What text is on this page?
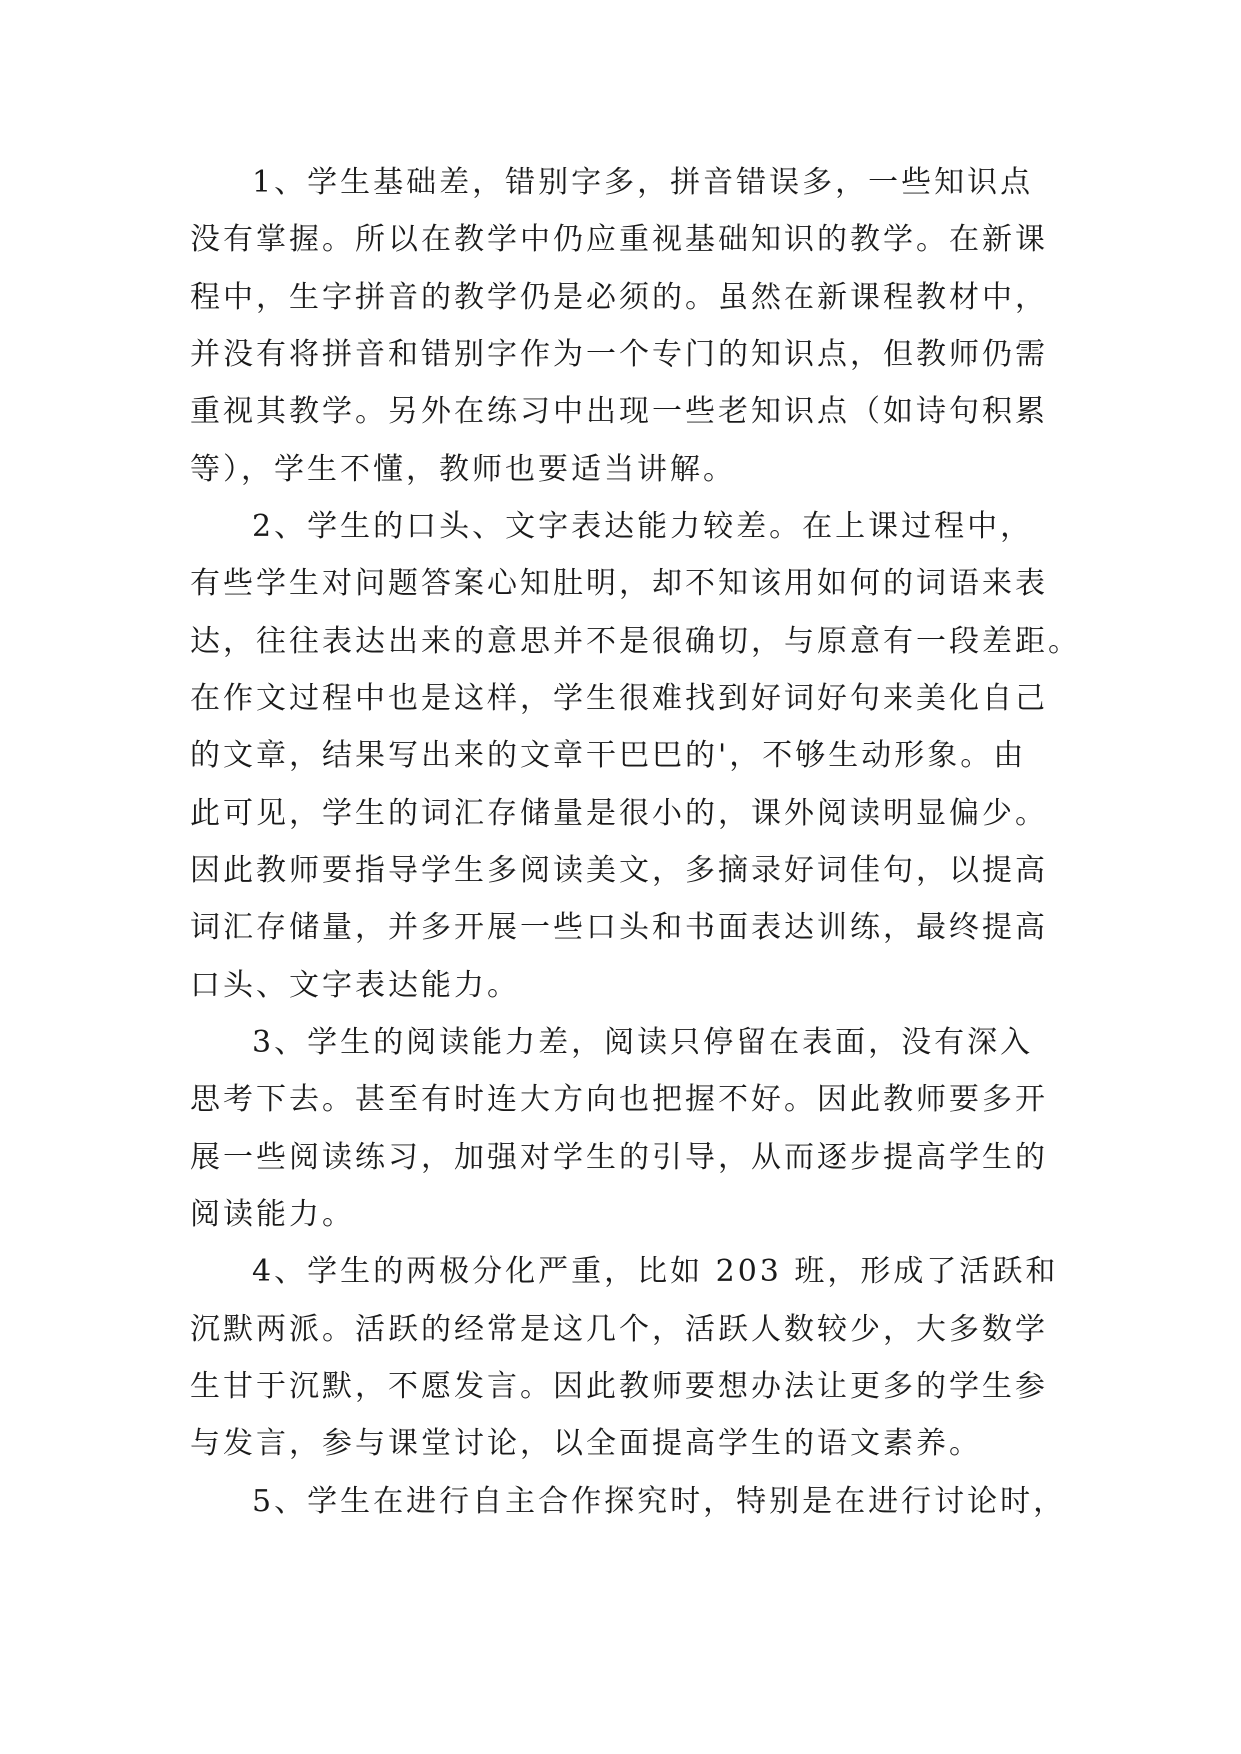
1、学生基础差，错别字多，拼音错误多，一些知识点
没有掌握。所以在教学中仍应重视基础知识的教学。在新课
程中，生字拼音的教学仍是必须的。虽然在新课程教材中，
并没有将拼音和错别字作为一个专门的知识点，但教师仍需
重视其教学。另外在练习中出现一些老知识点（如诗句积累
等），学生不懂，教师也要适当讲解。
2、学生的口头、文字表达能力较差。在上课过程中，
有些学生对问题答案心知肚明，却不知该用如何的词语来表
达，往往表达出来的意思并不是很确切，与原意有一段差距。
在作文过程中也是这样，学生很难找到好词好句来美化自己
的文章，结果写出来的文章干巴巴的'，不够生动形象。由
此可见，学生的词汇存储量是很小的，课外阅读明显偏少。
因此教师要指导学生多阅读美文，多摘录好词佳句，以提高
词汇存储量，并多开展一些口头和书面表达训练，最终提高
口头、文字表达能力。
3、学生的阅读能力差，阅读只停留在表面，没有深入
思考下去。甚至有时连大方向也把握不好。因此教师要多开
展一些阅读练习，加强对学生的引导，从而逐步提高学生的
阅读能力。
4、学生的两极分化严重，比如 203 班，形成了活跃和
沉默两派。活跃的经常是这几个，活跃人数较少，大多数学
生甘于沉默，不愿发言。因此教师要想办法让更多的学生参
与发言，参与课堂讨论，以全面提高学生的语文素养。
5、学生在进行自主合作探究时，特别是在进行讨论时，
